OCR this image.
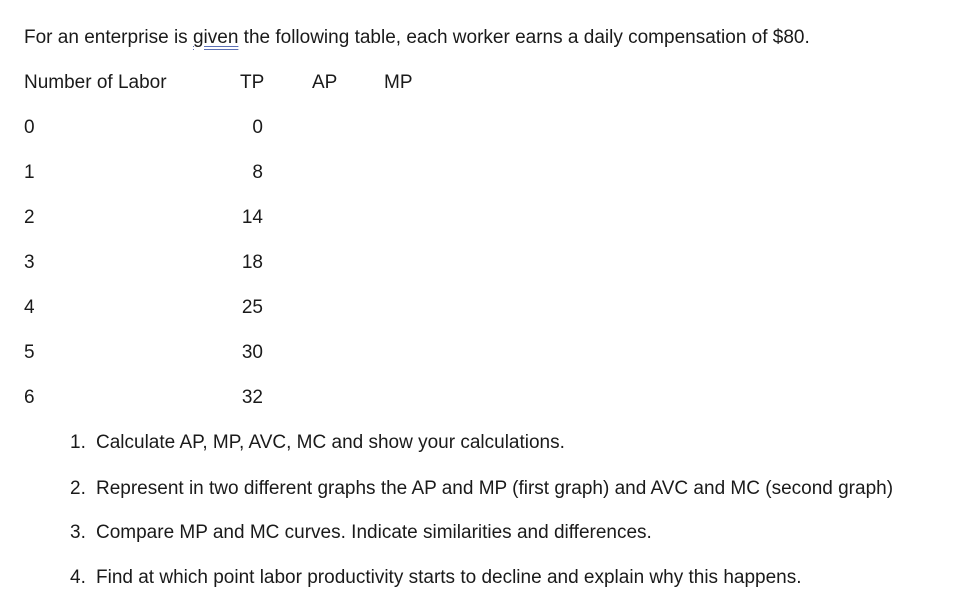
For an enterprise is given the following table, each worker earns a daily compensation of $80.
Number of Labor	TP	AP MP
0	0
1	8
2	14
3	18
4	25
5	30
6	32
1. Calculate AP, MP, AVC, MC and show your calculations.
2. Represent in two different graphs the AP and MP (first graph) and AVC and MC (second graph)
3. Compare MP and MC curves. Indicate similarities and differences.
4. Find at which point labor productivity starts to decline and explain why this happens.
